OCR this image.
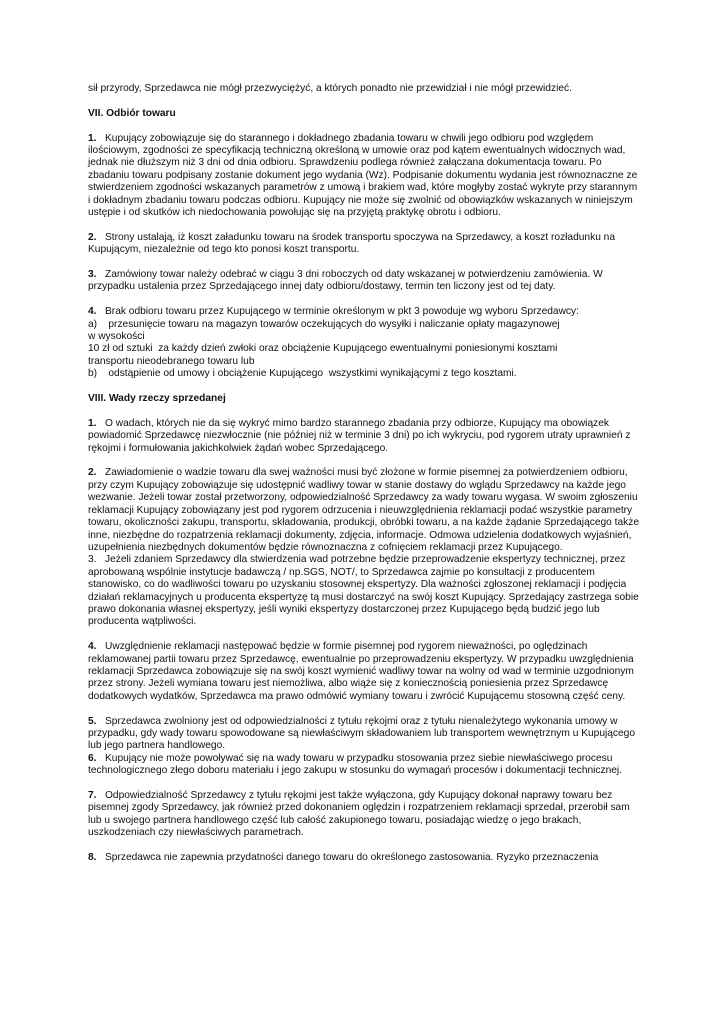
sił przyrody, Sprzedawca nie mógł przezwyciężyć, a których ponadto nie przewidział i nie mógł przewidzieć.

VII. Odbiór towaru

1. Kupujący zobowiązuje się do starannego i dokładnego zbadania towaru w chwili jego odbioru pod względem ilościowym, zgodności ze specyfikacją techniczną określoną w umowie oraz pod kątem ewentualnych widocznych wad, jednak nie dłuższym niż 3 dni od dnia odbioru. Sprawdzeniu podlega również załączana dokumentacja towaru. Po zbadaniu towaru podpisany zostanie dokument jego wydania (Wz). Podpisanie dokumentu wydania jest równoznaczne ze stwierdzeniem zgodności wskazanych parametrów z umową i brakiem wad, które mogłyby zostać wykryte przy starannym i dokładnym zbadaniu towaru podczas odbioru. Kupujący nie może się zwolnić od obowiązków wskazanych w niniejszym ustępie i od skutków ich niedochowania powołując się na przyjętą praktykę obrotu i odbioru.

2. Strony ustalają, iż koszt załadunku towaru na środek transportu spoczywa na Sprzedawcy, a koszt rozładunku na Kupującym, niezależnie od tego kto ponosi koszt transportu.

3. Zamówiony towar należy odebrać w ciągu 3 dni roboczych od daty wskazanej w potwierdzeniu zamówienia. W przypadku ustalenia przez Sprzedającego innej daty odbioru/dostawy, termin ten liczony jest od tej daty.

4. Brak odbioru towaru przez Kupującego w terminie określonym w pkt 3 powoduje wg wyboru Sprzedawcy:
a)    przesunięcie towaru na magazyn towarów oczekujących do wysyłki i naliczanie opłaty magazynowej
w wysokości
10 zł od sztuki  za każdy dzień zwłoki oraz obciążenie Kupującego ewentualnymi poniesionymi kosztami
transportu nieodebranego towaru lub
b)    odstąpienie od umowy i obciążenie Kupującego  wszystkimi wynikającymi z tego kosztami.

VIII. Wady rzeczy sprzedanej

1. O wadach, których nie da się wykryć mimo bardzo starannego zbadania przy odbiorze, Kupujący ma obowiązek powiadomić Sprzedawcę niezwłocznie (nie później niż w terminie 3 dni) po ich wykryciu, pod rygorem utraty uprawnień z rękojmi i formułowania jakichkolwiek żądań wobec Sprzedającego.

2. Zawiadomienie o wadzie towaru dla swej ważności musi być złożone w formie pisemnej za potwierdzeniem odbioru, przy czym Kupujący zobowiązuje się udostępnić wadliwy towar w stanie dostawy do wglądu Sprzedawcy na każde jego wezwanie. Jeżeli towar został przetworzony, odpowiedzialność Sprzedawcy za wady towaru wygasa. W swoim zgłoszeniu reklamacji Kupujący zobowiązany jest pod rygorem odrzucenia i nieuwzględnienia reklamacji podać wszystkie parametry towaru, okoliczności zakupu, transportu, składowania, produkcji, obróbki towaru, a na każde żądanie Sprzedającego także inne, niezbędne do rozpatrzenia reklamacji dokumenty, zdjęcia, informacje. Odmowa udzielenia dodatkowych wyjaśnień, uzupełnienia niezbędnych dokumentów będzie równoznaczna z cofnięciem reklamacji przez Kupującego.
3. Jeżeli zdaniem Sprzedawcy dla stwierdzenia wad potrzebne będzie przeprowadzenie ekspertyzy technicznej, przez aprobowaną wspólnie instytucje badawczą / np.SGS, NOT/, to Sprzedawca zajmie po konsultacji z producentem stanowisko, co do wadliwości towaru po uzyskaniu stosownej ekspertyzy. Dla ważności zgłoszonej reklamacji i podjęcia działań reklamacyjnych u producenta ekspertyzę tą musi dostarczyć na swój koszt Kupujący. Sprzedający zastrzega sobie prawo dokonania własnej ekspertyzy, jeśli wyniki ekspertyzy dostarczonej przez Kupującego będą budzić jego lub producenta wątpliwości.

4. Uwzględnienie reklamacji następować będzie w formie pisemnej pod rygorem nieważności, po oględzinach reklamowanej partii towaru przez Sprzedawcę, ewentualnie po przeprowadzeniu ekspertyzy. W przypadku uwzględnienia reklamacji Sprzedawca zobowiązuje się na swój koszt wymienić wadliwy towar na wolny od wad w terminie uzgodnionym przez strony. Jeżeli wymiana towaru jest niemożliwa, albo wiąże się z koniecznością poniesienia przez Sprzedawcę dodatkowych wydatków, Sprzedawca ma prawo odmówić wymiany towaru i zwrócić Kupującemu stosowną część ceny.

5. Sprzedawca zwolniony jest od odpowiedzialności z tytułu rękojmi oraz z tytułu nienależytego wykonania umowy w przypadku, gdy wady towaru spowodowane są niewłaściwym składowaniem lub transportem wewnętrznym u Kupującego lub jego partnera handlowego.
6. Kupujący nie może powoływać się na wady towaru w przypadku stosowania przez siebie niewłaściwego procesu technologicznego złego doboru materiału i jego zakupu w stosunku do wymagań procesów i dokumentacji technicznej.

7. Odpowiedzialność Sprzedawcy z tytułu rękojmi jest także wyłączona, gdy Kupujący dokonał naprawy towaru bez pisemnej zgody Sprzedawcy, jak również przed dokonaniem oględzin i rozpatrzeniem reklamacji sprzedał, przerobił sam lub u swojego partnera handlowego część lub całość zakupionego towaru, posiadając wiedzę o jego brakach, uszkodzeniach czy niewłaściwych parametrach.

8. Sprzedawca nie zapewnia przydatności danego towaru do określonego zastosowania. Ryzyko przeznaczenia
